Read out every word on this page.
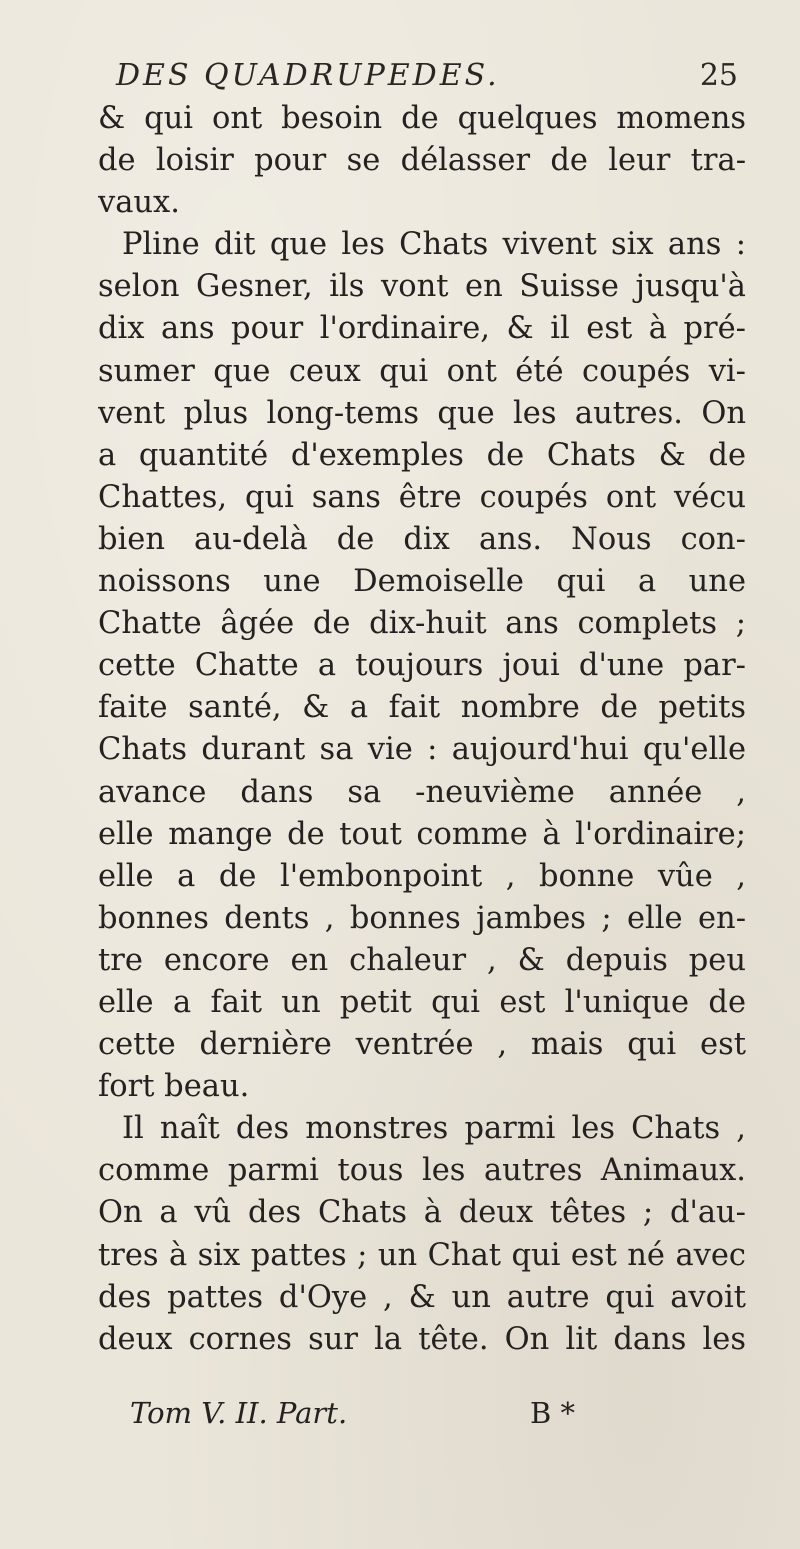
DES QUADRUPEDES.	25
& qui ont besoin de quelques momens
de loisir pour se délasser de leur tra-
vaux.
Pline dit que les Chats vivent six ans :
selon Gesner, ils vont en Suisse jusqu'à
dix ans pour l'ordinaire, & il est à pré-
sumer que ceux qui ont été coupés vi-
vent plus long-tems que les autres. On
a quantité d'exemples de Chats & de
Chattes, qui sans être coupés ont vécu
bien au-delà de dix ans. Nous con-
noissons une Demoiselle qui a une
Chatte âgée de dix-huit ans complets ;
cette Chatte a toujours joui d'une par-
faite santé, & a fait nombre de petits
Chats durant sa vie : aujourd'hui qu'elle
avance dans sa -neuvième année ,
elle mange de tout comme à l'ordinaire;
elle a de l'embonpoint , bonne vûe ,
bonnes dents , bonnes jambes ; elle en-
tre encore en chaleur , & depuis peu
elle a fait un petit qui est l'unique de
cette dernière ventrée , mais qui est
fort beau.
Il naît des monstres parmi les Chats ,
comme parmi tous les autres Animaux.
On a vû des Chats à deux têtes ; d'au-
tres à six pattes ; un Chat qui est né avec
des pattes d'Oye , & un autre qui avoit
deux cornes sur la tête. On lit dans les
Tom V. II. Part.	B *
